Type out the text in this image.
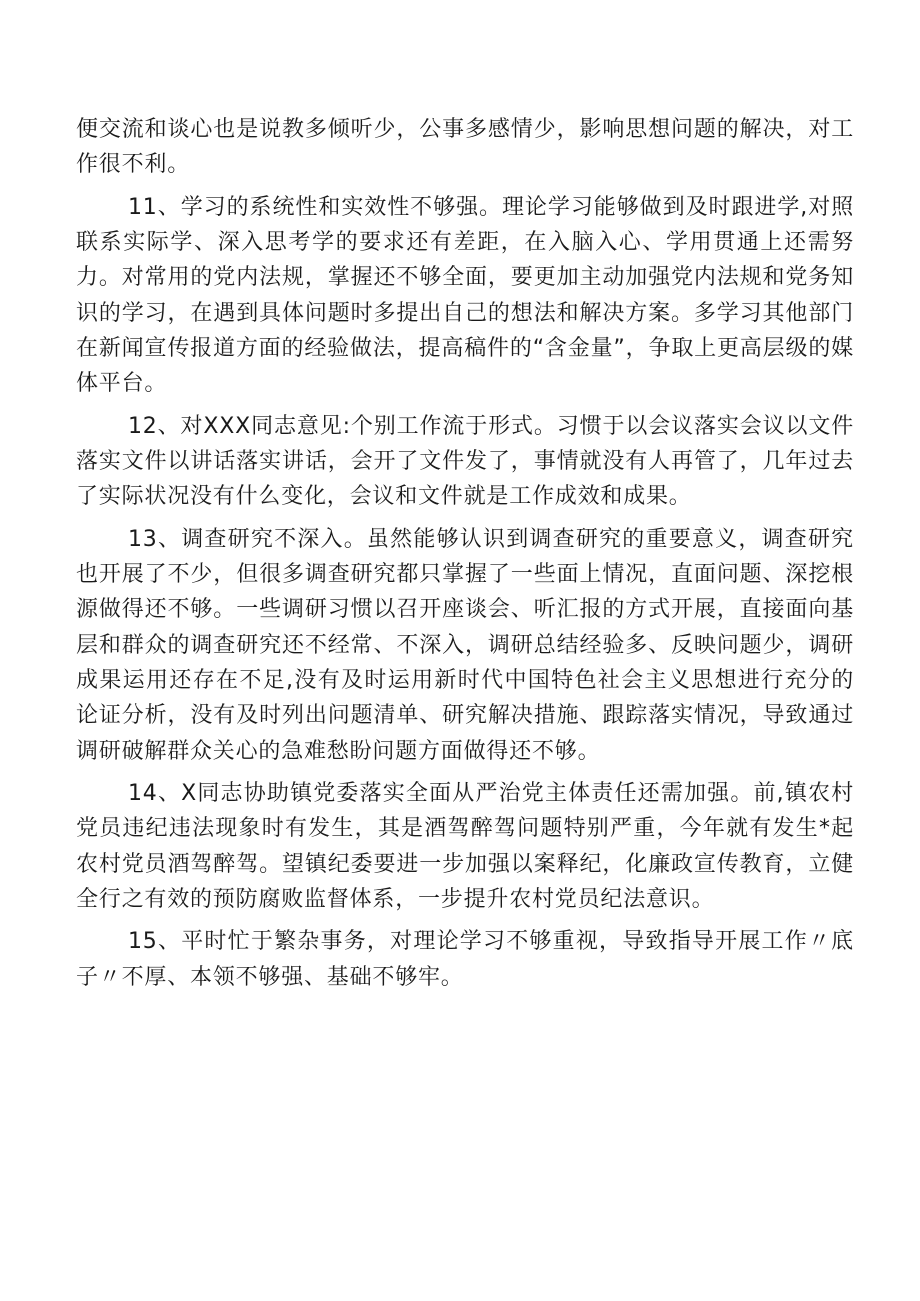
便交流和谈心也是说教多倾听少，公事多感情少，影响思想问题的解决，对工作很不利。

11、学习的系统性和实效性不够强。理论学习能够做到及时跟进学,对照联系实际学、深入思考学的要求还有差距，在入脑入心、学用贯通上还需努力。对常用的党内法规，掌握还不够全面，要更加主动加强党内法规和党务知识的学习，在遇到具体问题时多提出自己的想法和解决方案。多学习其他部门在新闻宣传报道方面的经验做法，提高稿件的“含金量”，争取上更高层级的媒体平台。

12、对XXX同志意见:个别工作流于形式。习惯于以会议落实会议以文件落实文件以讲话落实讲话，会开了文件发了，事情就没有人再管了，几年过去了实际状况没有什么变化，会议和文件就是工作成效和成果。

13、调查研究不深入。虽然能够认识到调查研究的重要意义，调查研究也开展了不少，但很多调查研究都只掌握了一些面上情况，直面问题、深挖根源做得还不够。一些调研习惯以召开座谈会、听汇报的方式开展，直接面向基层和群众的调查研究还不经常、不深入，调研总结经验多、反映问题少，调研成果运用还存在不足,没有及时运用新时代中国特色社会主义思想进行充分的论证分析，没有及时列出问题清单、研究解决措施、跟踪落实情况，导致通过调研破解群众关心的急难愁盼问题方面做得还不够。

14、X同志协助镇党委落实全面从严治党主体责任还需加强。前,镇农村党员违纪违法现象时有发生，其是酒驾醉驾问题特别严重，今年就有发生*起农村党员酒驾醉驾。望镇纪委要进一步加强以案释纪，化廉政宣传教育，立健全行之有效的预防腐败监督体系，一步提升农村党员纪法意识。

15、平时忙于繁杂事务，对理论学习不够重视，导致指导开展工作〃底子〃不厚、本领不够强、基础不够牢。
